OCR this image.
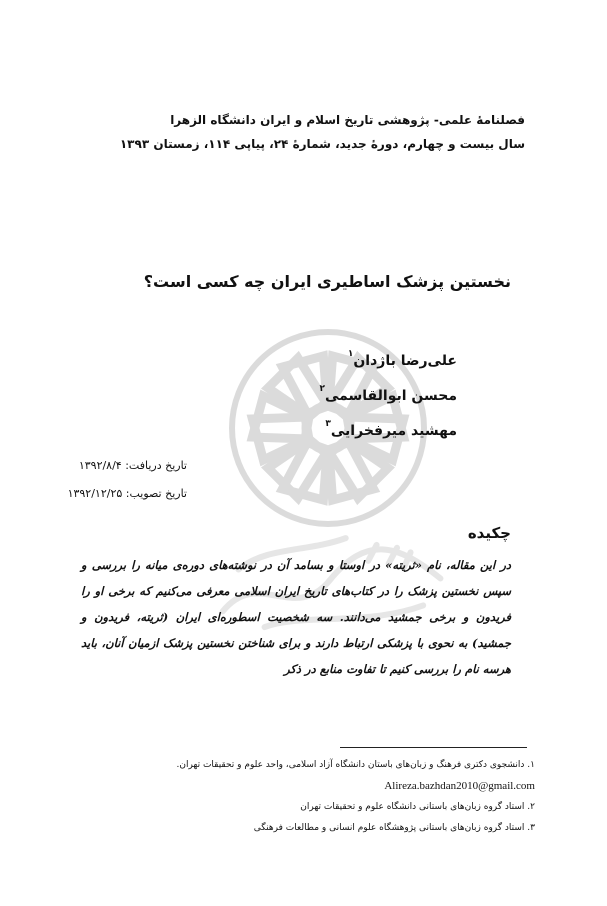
فصلنامهٔ علمی- پژوهشی تاریخ اسلام و ایران دانشگاه الزهرا
سال بیست و چهارم، دورهٔ جدید، شمارهٔ ۲۴، پیاپی ۱۱۴، زمستان ۱۳۹۳
نخستین پزشک اساطیری ایران چه کسی است؟
علی‌رضا باژدان$^۱$
محسن ابوالقاسمی$^۲$
مهشید میرفخرایی$^۳$
تاریخ دریافت: ۱۳۹۲/۸/۴
تاریخ تصویب: ۱۳۹۲/۱۲/۲۵
چکیده
در این مقاله، نام «ثریته» در اوستا و بسامد آن در نوشته‌های دوره‌ی میانه را بررسی و سپس نخستین پزشک را در کتاب‌های تاریخ ایران اسلامی معرفی می‌کنیم که برخی او را فریدون و برخی جمشید می‌دانند. سه شخصیت اسطوره‌ای ایران (ثریته، فریدون و جمشید) به نحوی با پزشکی ارتباط دارند و برای شناختن نخستین پزشک ازمیان آنان، باید هرسه نام را بررسی کنیم تا تفاوت منابع در ذکر
۱. دانشجوی دکتری فرهنگ و زبان‌های باستان دانشگاه آزاد اسلامی، واحد علوم و تحقیقات تهران.
Alireza.bazhdan2010@gmail.com
۲. استاد گروه زبان‌های باستانی دانشگاه علوم و تحقیقات تهران
۳. استاد گروه زبان‌های باستانی پژوهشگاه علوم انسانی و مطالعات فرهنگی
